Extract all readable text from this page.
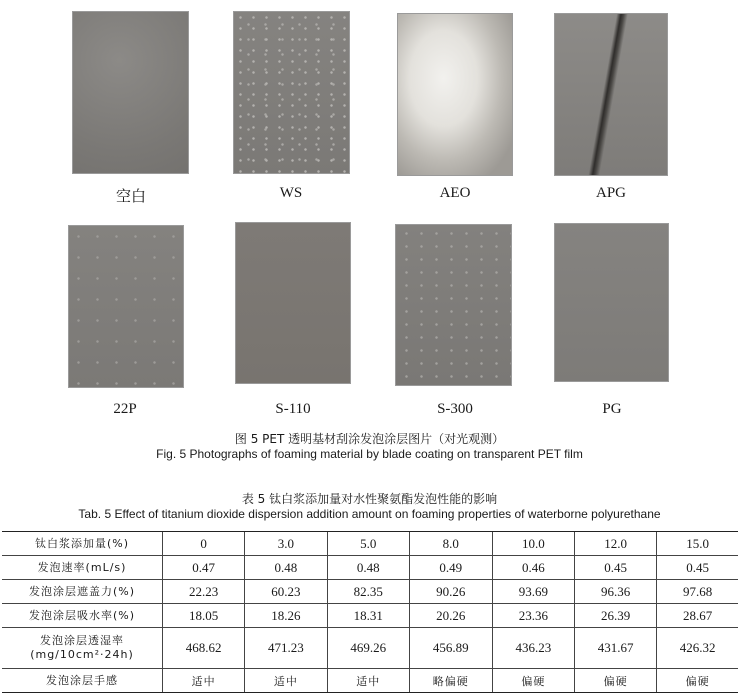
空白	WS	AEO	APG
22P	S-110	S-300	PG
图 5 PET 透明基材刮涂发泡涂层图片（对光观测）
Fig. 5 Photographs of foaming material by blade coating on transparent PET film
表 5 钛白浆添加量对水性聚氨酯发泡性能的影响
Tab. 5 Effect of titanium dioxide dispersion addition amount on foaming properties of waterborne polyurethane
钛白浆添加量(%)	0	3.0	5.0	8.0	10.0	12.0	15.0

发泡速率(mL/s)	0.47	0.48	0.48	0.49	0.46	0.45	0.45

发泡涂层遮盖力(%)	22.23	60.23	82.35	90.26	93.69	96.36	97.68

发泡涂层吸水率(%)	18.05	18.26	18.31	20.26	23.36	26.39	28.67

发泡涂层透湿率
(mg/10cm²·24h)	468.62	471.23	469.26	456.89	436.23	431.67	426.32

发泡涂层手感	适中	适中	适中	略偏硬	偏硬	偏硬	偏硬
